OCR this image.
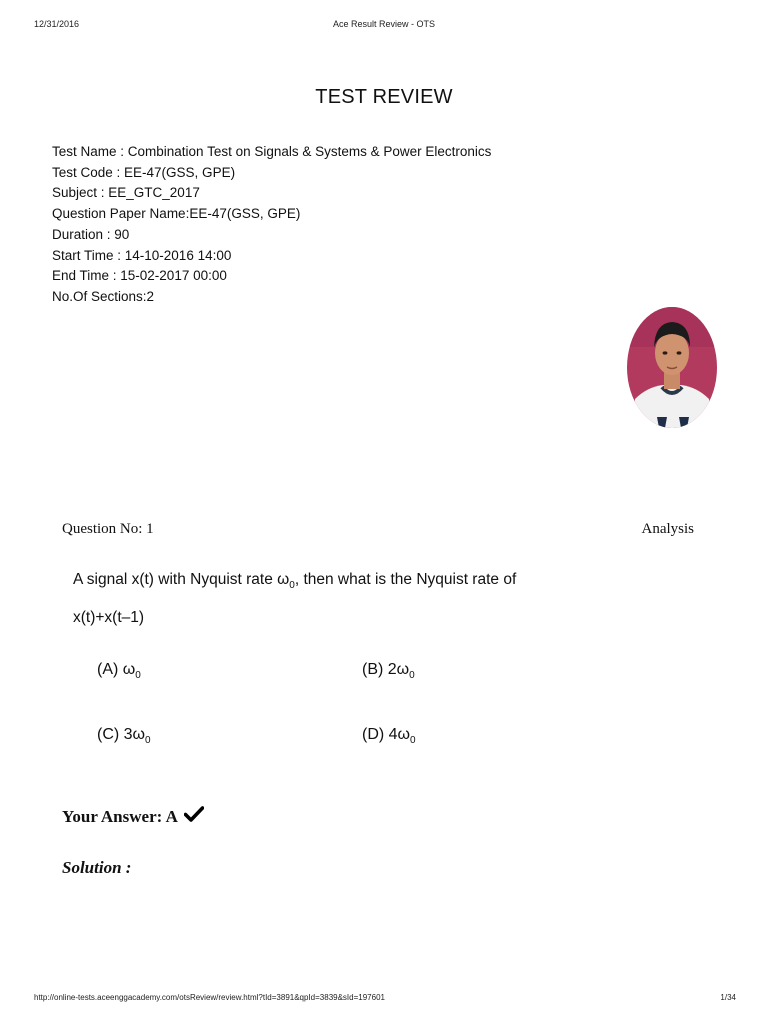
12/31/2016	Ace Result Review - OTS
TEST REVIEW
Test Name : Combination Test on Signals & Systems & Power Electronics
Test Code : EE-47(GSS, GPE)
Subject : EE_GTC_2017
Question Paper Name:EE-47(GSS, GPE)
Duration : 90
Start Time : 14-10-2016 14:00
End Time : 15-02-2017 00:00
No.Of Sections:2
Question No: 1	Analysis
A signal x(t) with Nyquist rate $\omega_0$, then what is the Nyquist rate of x(t)+x(t–1)
(A) $\omega_0$	(B) $2\omega_0$
(C) $3\omega_0$	(D) $4\omega_0$
Your Answer: A
Solution :
http://online-tests.aceenggacademy.com/otsReview/review.html?tId=3891&qpId=3839&sId=197601	1/34
